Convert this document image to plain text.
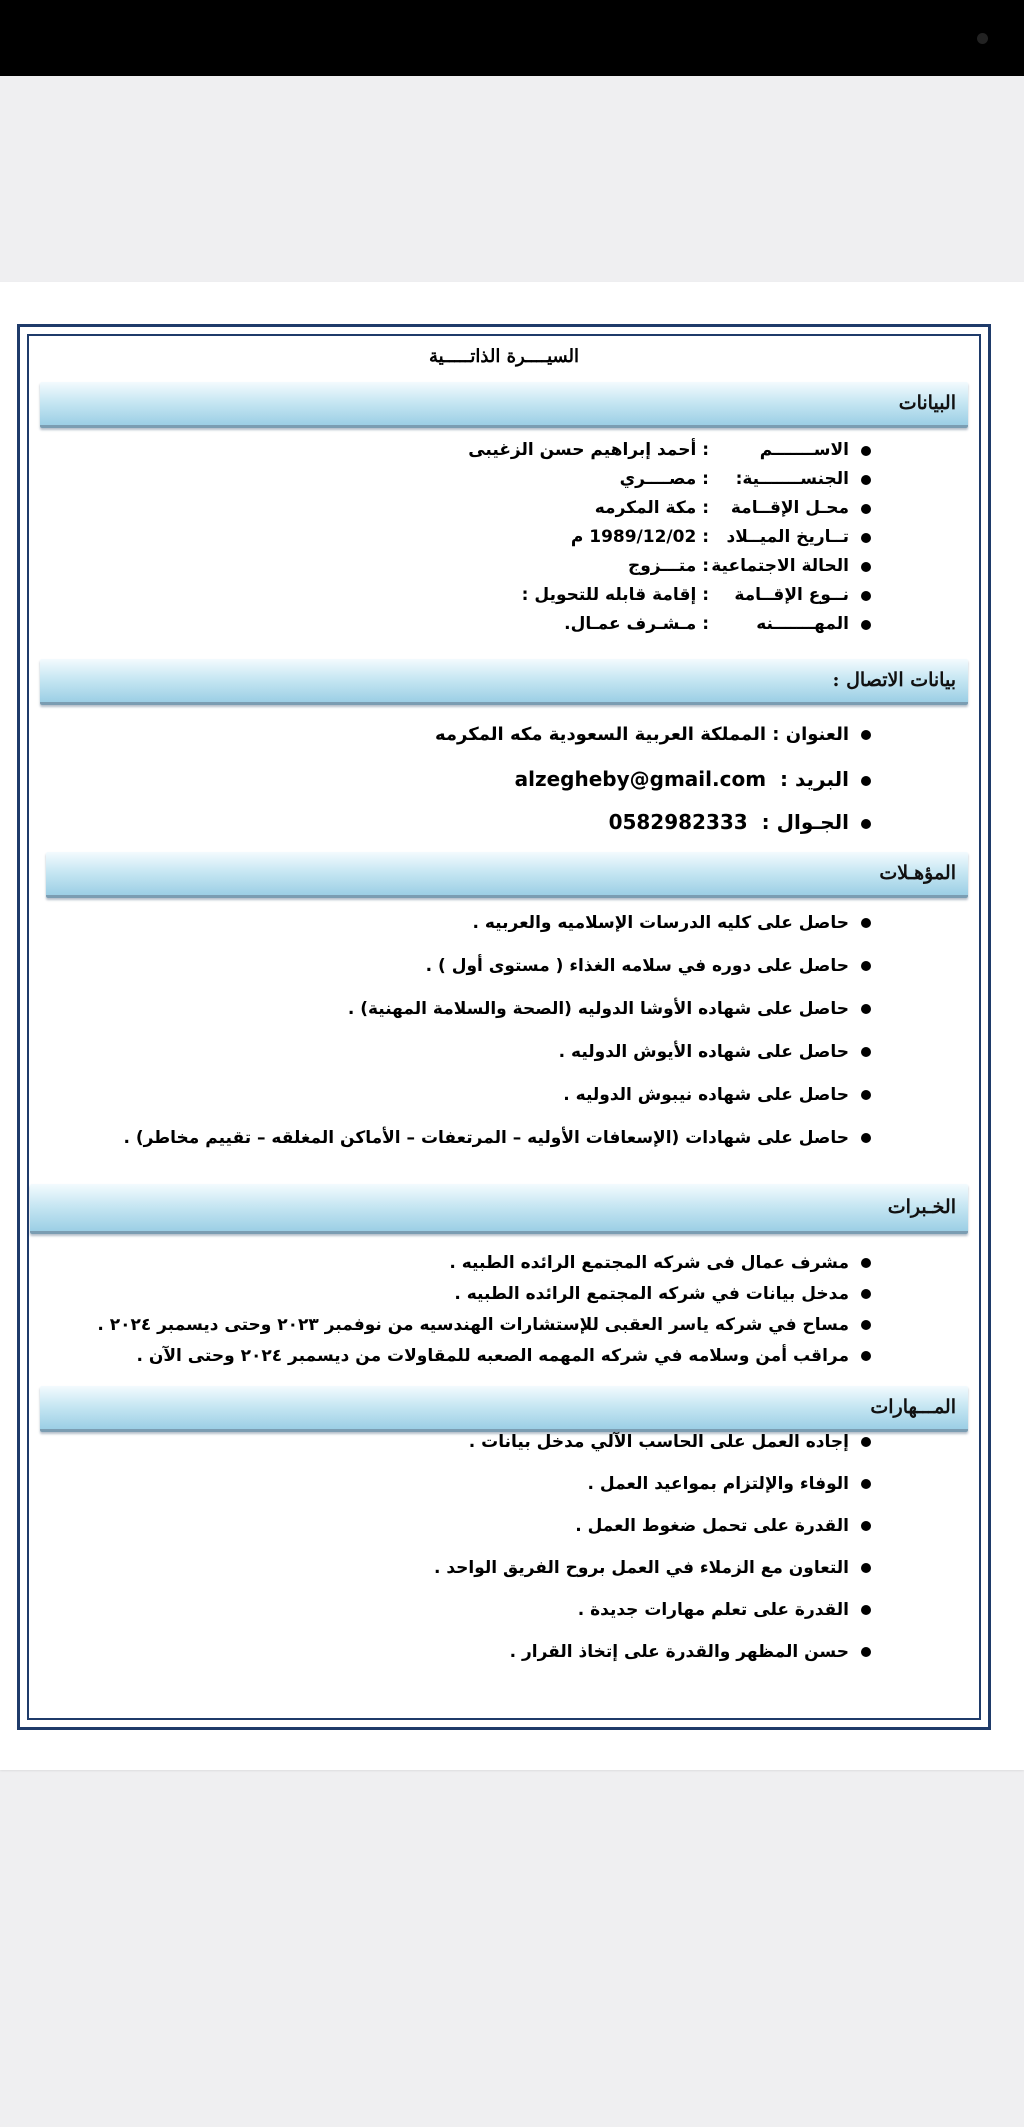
السيــــرة الذاتـــــية
البيانات
الاســـــــم: أحمد إبراهيم حسن الزغيبى
الجنســـــــية:: مصــــري
محـل الإقــامة: مكة المكرمه
تــاريخ الميــلاد: 1989/12/02 م
الحالة الاجتماعية: متـــزوج
نــوع الإقــامة: إقامة قابله للتحويل :
المهـــــــنه: مـشـرف عمـال.
بيانات الاتصال :
العنوان : المملكة العربية السعودية مكه المكرمه
البريد :  alzegheby@gmail.com
الجـوال :  0582982333
المؤهـلات
حاصل على كليه الدرسات الإسلاميه والعربيه .
حاصل على دوره في سلامه الغذاء ( مستوى أول ) .
حاصل على شهاده الأوشا الدوليه (الصحة والسلامة المهنية) .
حاصل على شهاده الأيوش الدوليه .
حاصل على شهاده نيبوش الدوليه .
حاصل على شهادات (الإسعافات الأوليه – المرتعفات – الأماكن المغلقه – تقييم مخاطر) .
الخـبرات
مشرف عمال فى شركه المجتمع الرائده الطبيه .
مدخل بيانات في شركه المجتمع الرائده الطبيه .
مساح في شركه ياسر العقبى للإستشارات الهندسيه من نوفمبر ٢٠٢٣ وحتى ديسمبر ٢٠٢٤ .
مراقب أمن وسلامه في شركه المهمه الصعبه للمقاولات من ديسمبر ٢٠٢٤ وحتى الآن .
المـــهارات
إجاده العمل على الحاسب الآلي مدخل بيانات .
الوفاء والإلتزام بمواعيد العمل .
القدرة على تحمل ضغوط العمل .
التعاون مع الزملاء في العمل بروح الفريق الواحد .
القدرة على تعلم مهارات جديدة .
حسن المظهر والقدرة على إتخاذ القرار .
